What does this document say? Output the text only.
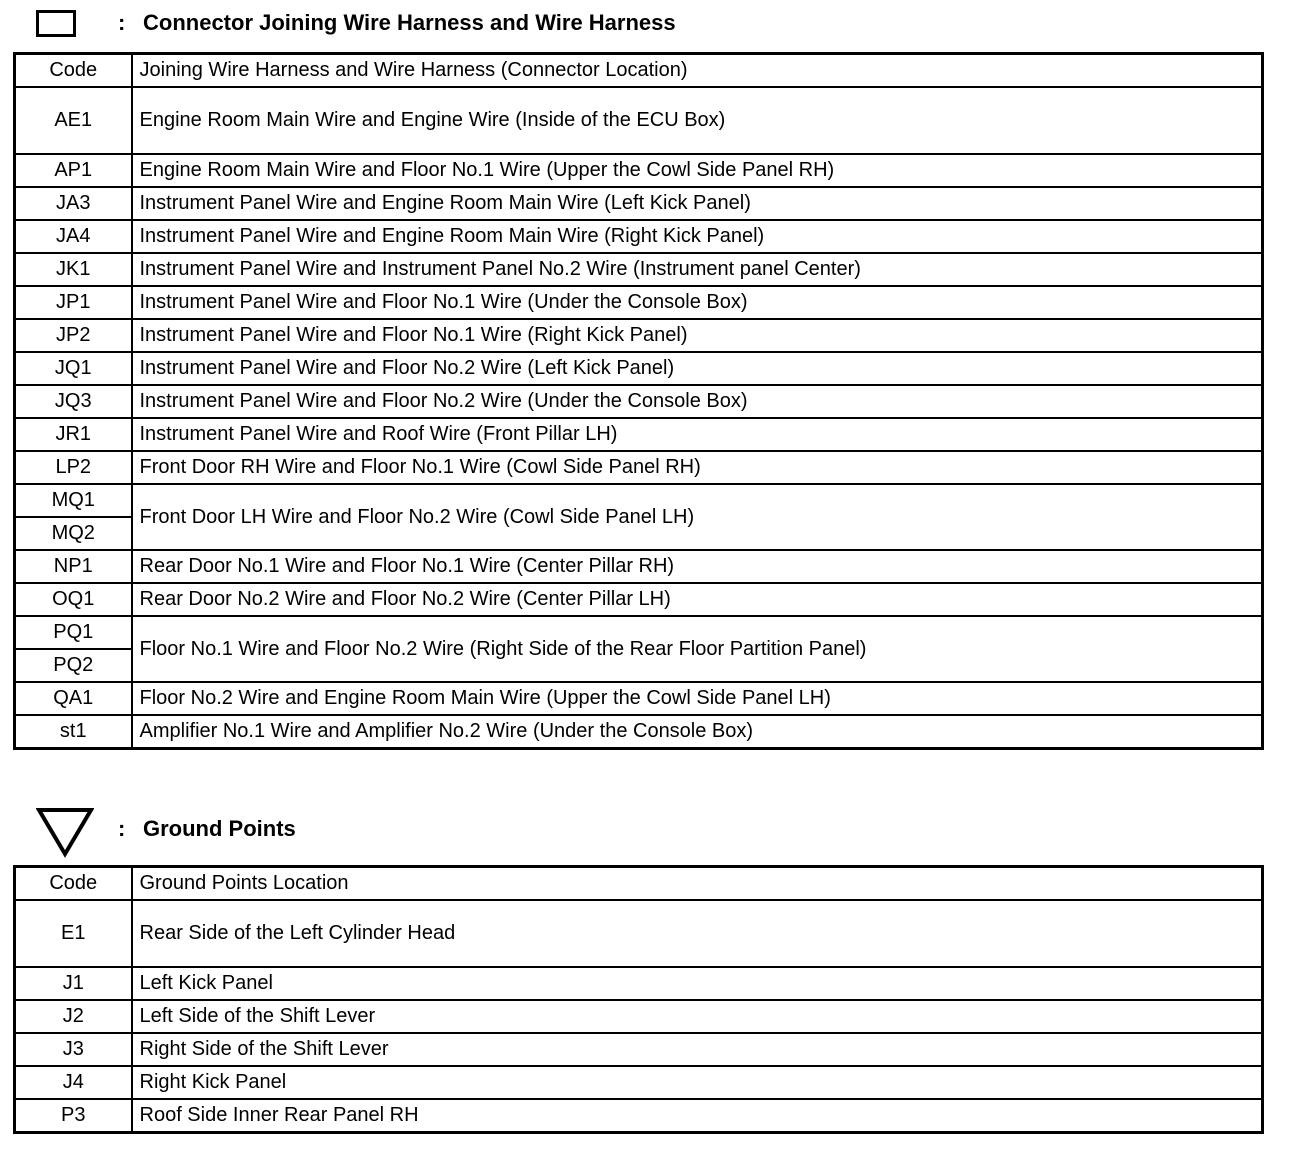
: Connector Joining Wire Harness and Wire Harness
Code	Joining Wire Harness and Wire Harness (Connector Location)
AE1	Engine Room Main Wire and Engine Wire (Inside of the ECU Box)
AP1	Engine Room Main Wire and Floor No.1 Wire (Upper the Cowl Side Panel RH)
JA3	Instrument Panel Wire and Engine Room Main Wire (Left Kick Panel)
JA4	Instrument Panel Wire and Engine Room Main Wire (Right Kick Panel)
JK1	Instrument Panel Wire and Instrument Panel No.2 Wire (Instrument panel Center)
JP1	Instrument Panel Wire and Floor No.1 Wire (Under the Console Box)
JP2	Instrument Panel Wire and Floor No.1 Wire (Right Kick Panel)
JQ1	Instrument Panel Wire and Floor No.2 Wire (Left Kick Panel)
JQ3	Instrument Panel Wire and Floor No.2 Wire (Under the Console Box)
JR1	Instrument Panel Wire and Roof Wire (Front Pillar LH)
LP2	Front Door RH Wire and Floor No.1 Wire (Cowl Side Panel RH)
MQ1	Front Door LH Wire and Floor No.2 Wire (Cowl Side Panel LH)
MQ2	
NP1	Rear Door No.1 Wire and Floor No.1 Wire (Center Pillar RH)
OQ1	Rear Door No.2 Wire and Floor No.2 Wire (Center Pillar LH)
PQ1	Floor No.1 Wire and Floor No.2 Wire (Right Side of the Rear Floor Partition Panel)
PQ2	
QA1	Floor No.2 Wire and Engine Room Main Wire (Upper the Cowl Side Panel LH)
st1	Amplifier No.1 Wire and Amplifier No.2 Wire (Under the Console Box)
: Ground Points
Code	Ground Points Location
E1	Rear Side of the Left Cylinder Head
J1	Left Kick Panel
J2	Left Side of the Shift Lever
J3	Right Side of the Shift Lever
J4	Right Kick Panel
P3	Roof Side Inner Rear Panel RH
